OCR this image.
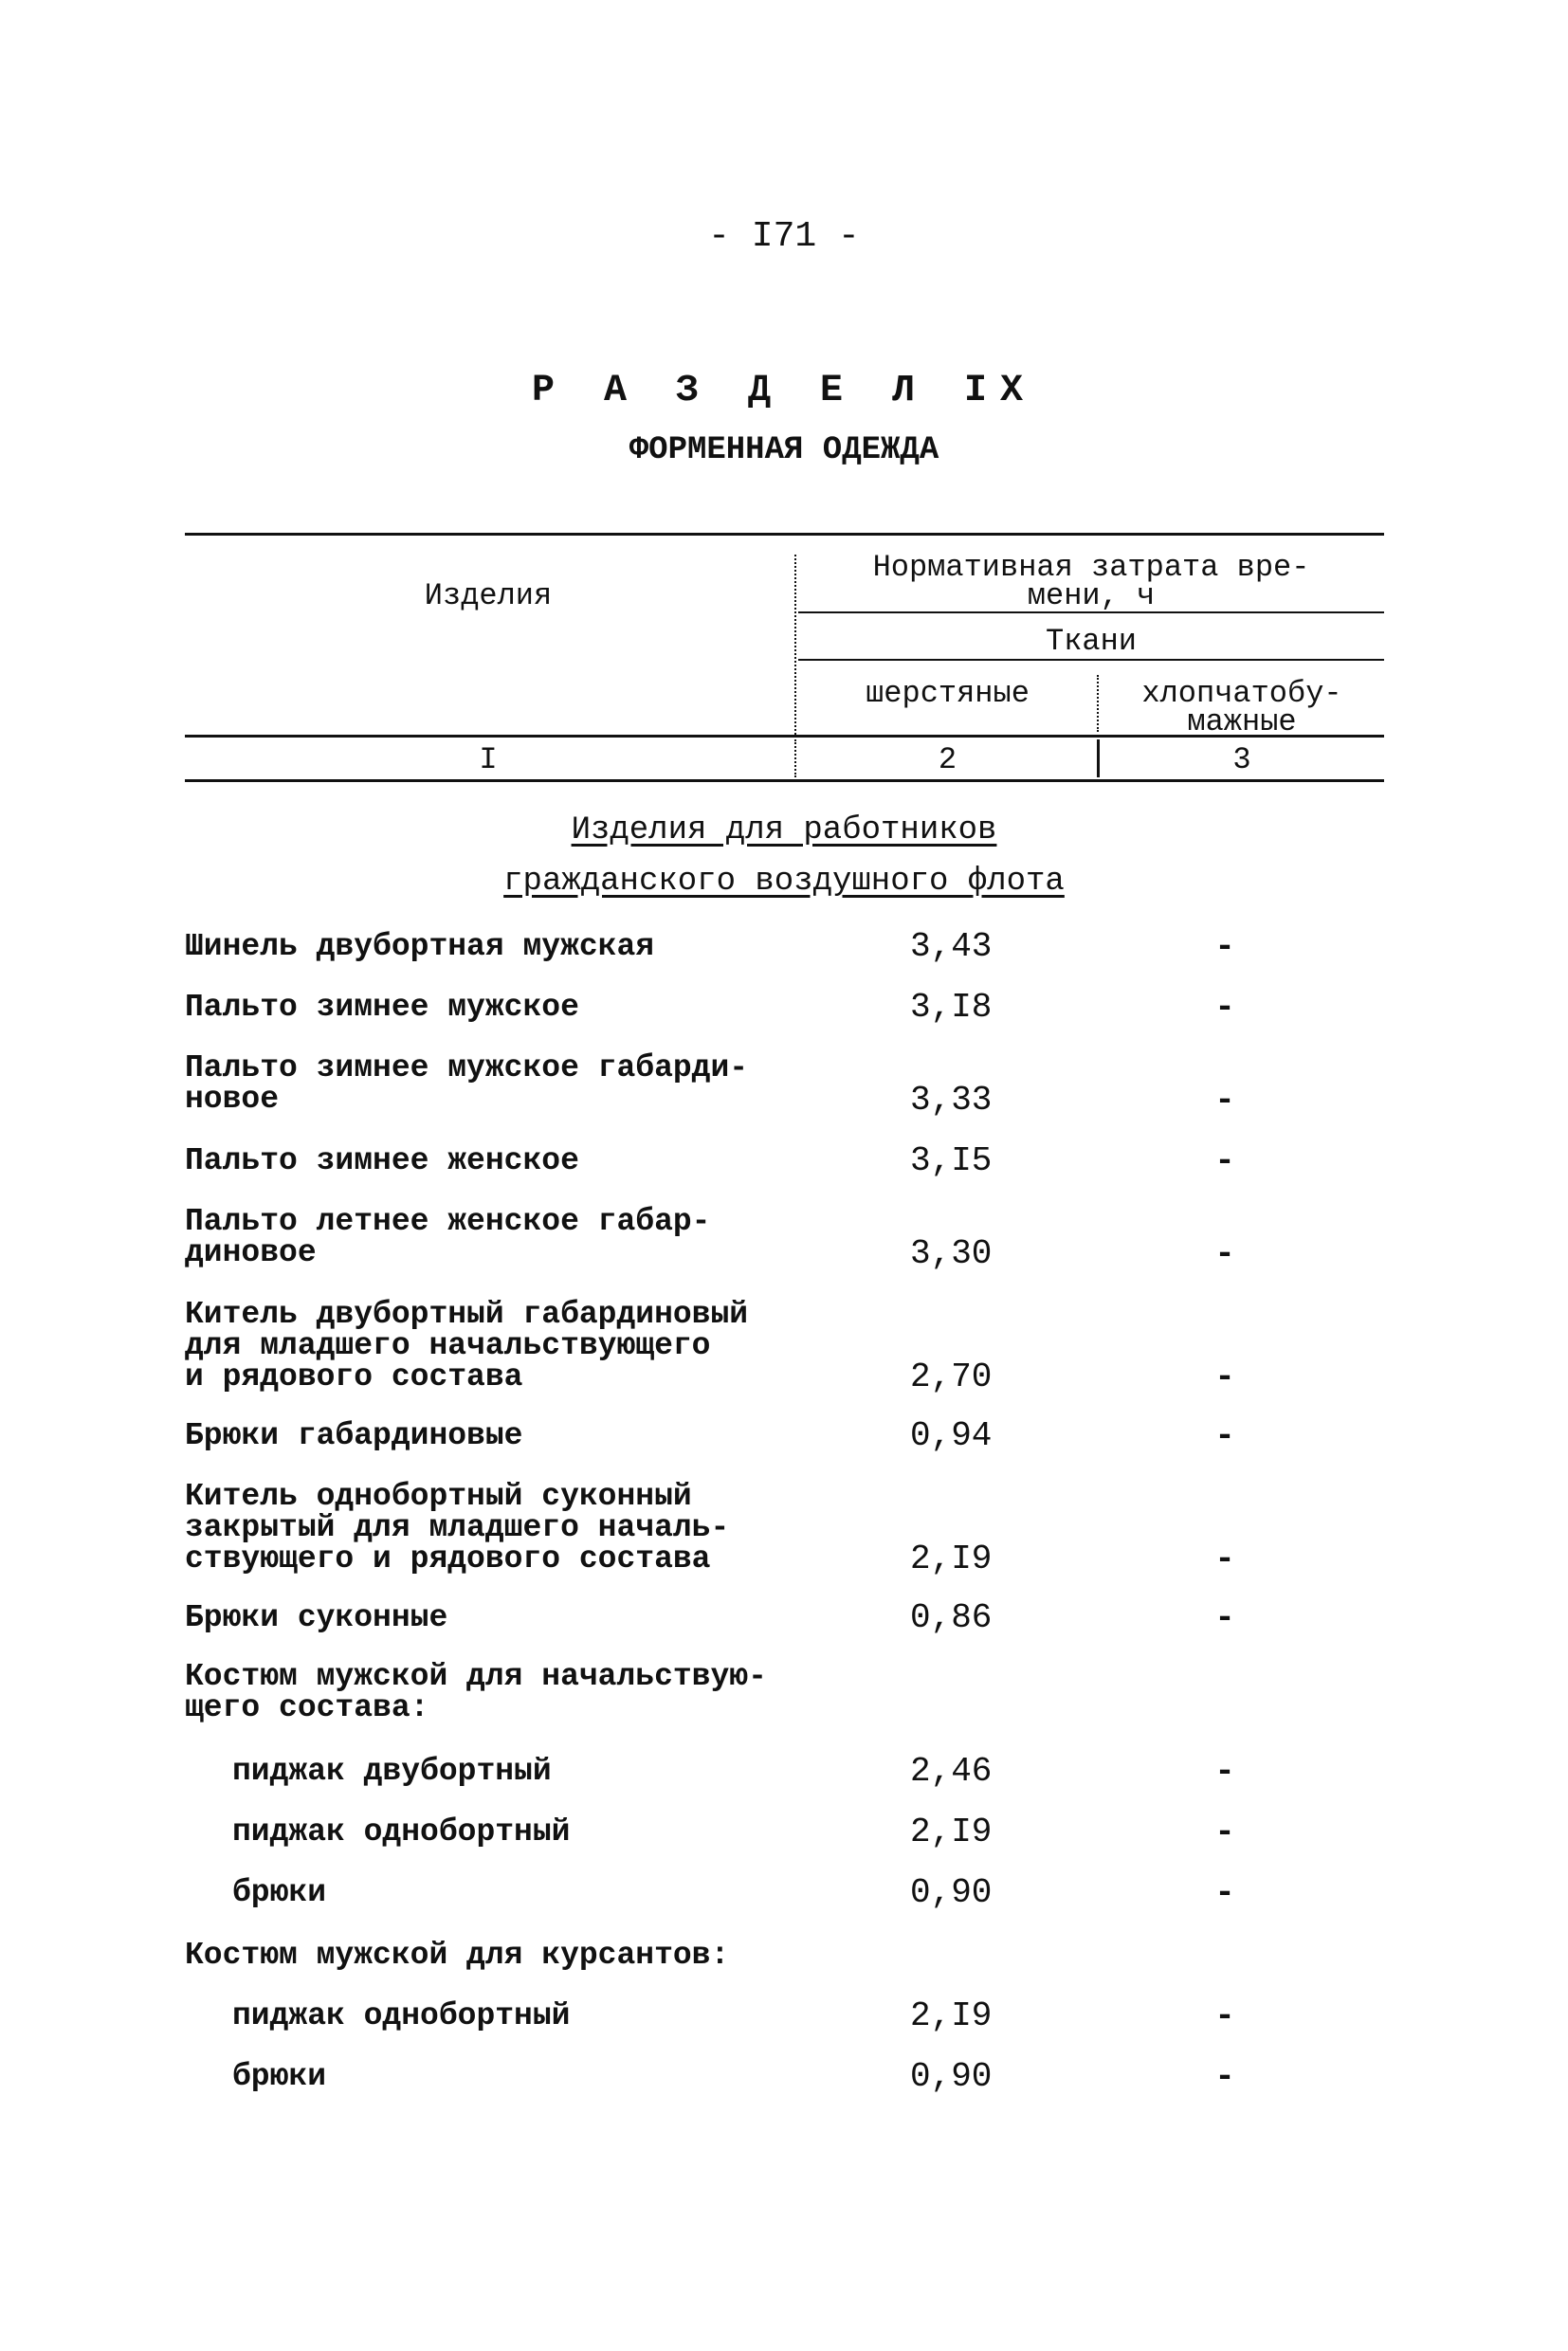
- I71 -
Р А З Д Е Л IX
ФОРМЕННАЯ ОДЕЖДА
Изделия
Нормативная затрата вре-
мени, ч
Ткани
шерстяные	хлопчатобу-
мажные
I	2	3
Изделия для работников
гражданского воздушного флота
Шинель двубортная мужская	3,43	-
Пальто зимнее мужское	3,I8	-
Пальто зимнее мужское габарди-
новое	3,33	-
Пальто зимнее женское	3,I5	-
Пальто летнее женское габар-
диновое	3,30	-
Китель двубортный габардиновый
для младшего начальствующего
и рядового состава	2,70	-
Брюки габардиновые	0,94	-
Китель однобортный суконный
закрытый для младшего началь-
ствующего и рядового состава	2,I9	-
Брюки суконные	0,86	-
Костюм мужской для начальствую-
щего состава:
пиджак двубортный	2,46	-
пиджак однобортный	2,I9	-
брюки	0,90	-
Костюм мужской для курсантов:
пиджак однобортный	2,I9	-
брюки	0,90	-
